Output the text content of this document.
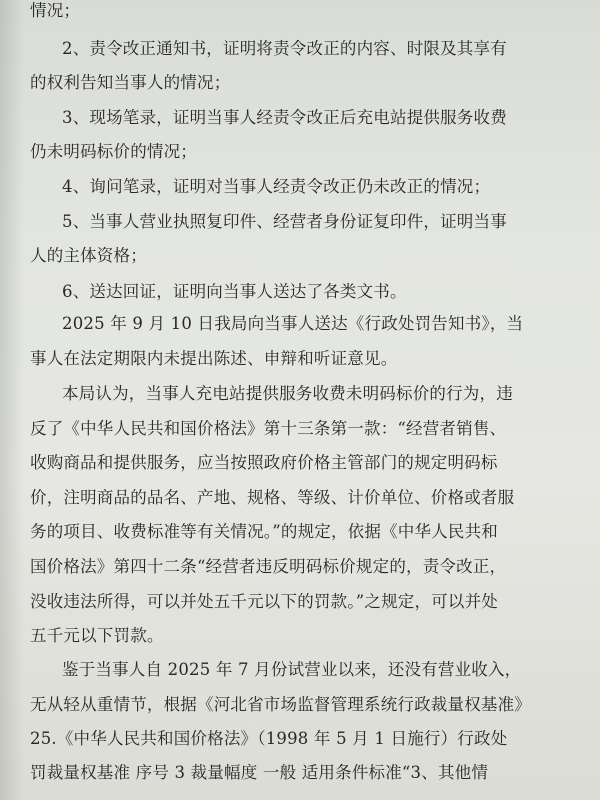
情况；
2、责令改正通知书，证明将责令改正的内容、时限及其享有
的权利告知当事人的情况；
3、现场笔录，证明当事人经责令改正后充电站提供服务收费
仍未明码标价的情况；
4、询问笔录，证明对当事人经责令改正仍未改正的情况；
5、当事人营业执照复印件、经营者身份证复印件，证明当事
人的主体资格；
6、送达回证，证明向当事人送达了各类文书。
2025 年 9 月 10 日我局向当事人送达《行政处罚告知书》，当
事人在法定期限内未提出陈述、申辩和听证意见。
本局认为，当事人充电站提供服务收费未明码标价的行为，违
反了《中华人民共和国价格法》第十三条第一款：“经营者销售、
收购商品和提供服务，应当按照政府价格主管部门的规定明码标
价，注明商品的品名、产地、规格、等级、计价单位、价格或者服
务的项目、收费标准等有关情况。”的规定，依据《中华人民共和
国价格法》第四十二条“经营者违反明码标价规定的，责令改正，
没收违法所得，可以并处五千元以下的罚款。”之规定，可以并处
五千元以下罚款。
鉴于当事人自 2025 年 7 月份试营业以来，还没有营业收入，
无从轻从重情节，根据《河北省市场监督管理系统行政裁量权基准》
25.《中华人民共和国价格法》（1998 年 5 月 1 日施行）行政处
罚裁量权基准 序号 3 裁量幅度 一般 适用条件标准“3、其他情
